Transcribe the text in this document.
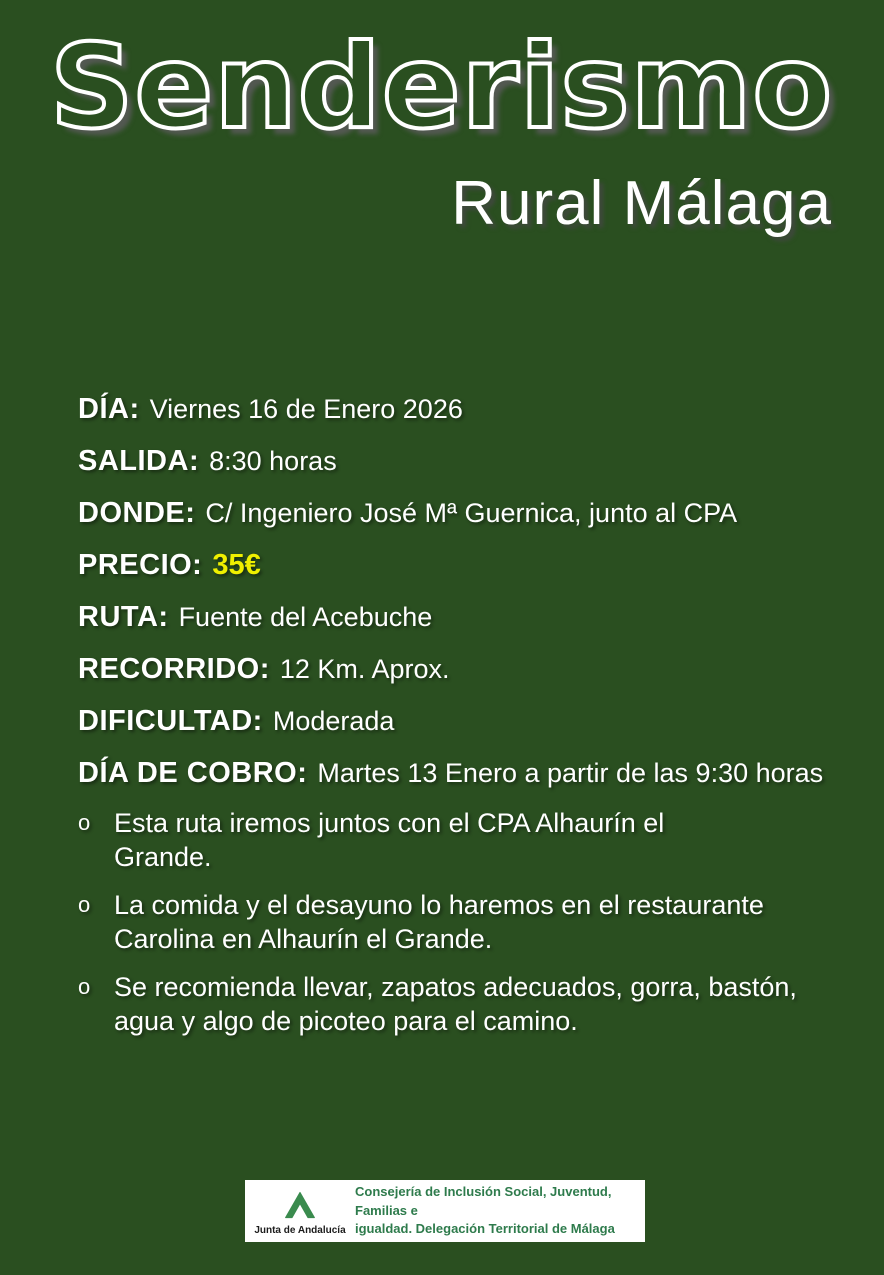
Senderismo
Rural Málaga
DÍA: Viernes 16 de Enero 2026
SALIDA: 8:30 horas
DONDE: C/ Ingeniero José Mª Guernica, junto al CPA
PRECIO: 35€
RUTA: Fuente del Acebuche
RECORRIDO: 12 Km. Aprox.
DIFICULTAD: Moderada
DÍA DE COBRO: Martes 13 Enero a partir de las 9:30 horas
o Esta ruta iremos juntos con el CPA Alhaurín el
Grande.
o La comida y el desayuno lo haremos en el restaurante
Carolina en Alhaurín el Grande.
o Se recomienda llevar, zapatos adecuados, gorra, bastón,
agua y algo de picoteo para el camino.
Junta de Andalucía
Consejería de Inclusión Social, Juventud, Familias e
igualdad. Delegación Territorial de Málaga
